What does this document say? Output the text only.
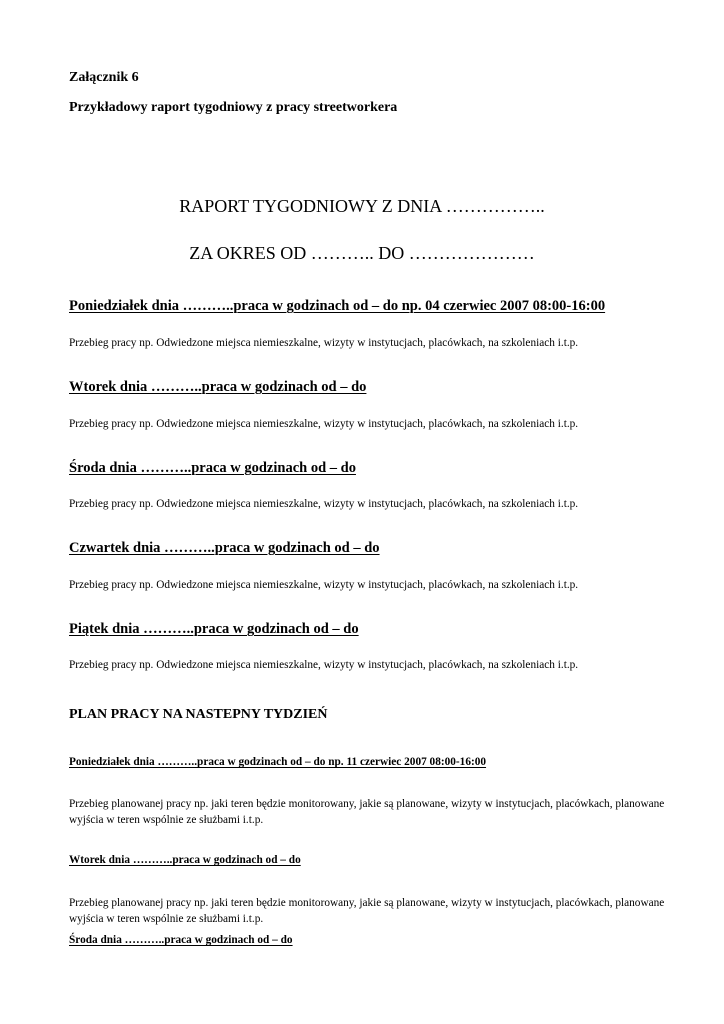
Załącznik 6
Przykładowy raport tygodniowy z pracy streetworkera
RAPORT TYGODNIOWY Z DNIA ……………..
ZA OKRES OD ……….. DO …………………
Poniedziałek dnia ………..praca w godzinach od – do np. 04 czerwiec 2007 08:00-16:00
Przebieg pracy np. Odwiedzone miejsca niemieszkalne, wizyty w instytucjach, placówkach, na szkoleniach i.t.p.
Wtorek dnia ………..praca w godzinach od – do
Przebieg pracy np. Odwiedzone miejsca niemieszkalne, wizyty w instytucjach, placówkach, na szkoleniach i.t.p.
Środa dnia ………..praca w godzinach od – do
Przebieg pracy np. Odwiedzone miejsca niemieszkalne, wizyty w instytucjach, placówkach, na szkoleniach i.t.p.
Czwartek dnia ………..praca w godzinach od – do
Przebieg pracy np. Odwiedzone miejsca niemieszkalne, wizyty w instytucjach, placówkach, na szkoleniach i.t.p.
Piątek dnia ………..praca w godzinach od – do
Przebieg pracy np. Odwiedzone miejsca niemieszkalne, wizyty w instytucjach, placówkach, na szkoleniach i.t.p.
PLAN PRACY NA NASTEPNY TYDZIEŃ
Poniedziałek dnia ………..praca w godzinach od – do np. 11 czerwiec 2007 08:00-16:00
Przebieg planowanej pracy np. jaki teren będzie monitorowany, jakie są planowane, wizyty w instytucjach, placówkach, planowane wyjścia w teren wspólnie ze służbami i.t.p.
Wtorek dnia ………..praca w godzinach od – do
Przebieg planowanej pracy np. jaki teren będzie monitorowany, jakie są planowane, wizyty w instytucjach, placówkach, planowane wyjścia w teren wspólnie ze służbami i.t.p.
Środa dnia ………..praca w godzinach od – do
